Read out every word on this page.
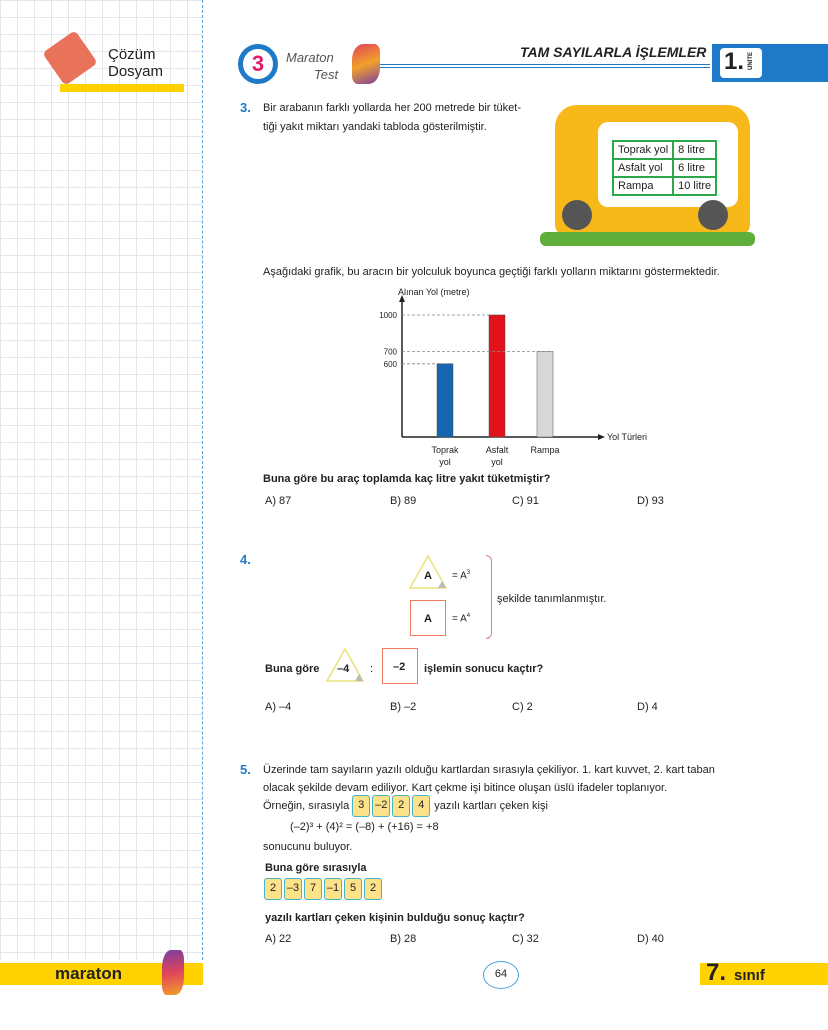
Çözüm Dosyam	3	Maraton
Test
TAM SAYILARLA İŞLEMLER 1. ÜNİTE
3. Bir arabanın farklı yollarda her 200 metrede bir tüket-
tiği yakıt miktarı yandaki tabloda gösterilmiştir.
Toprak yol	8 litre
Asfalt yol	6 litre
Rampa	10 litre
Aşağıdaki grafik, bu aracın bir yolculuk boyunca geçtiği farklı yolların miktarını göstermektedir.
Alınan Yol (metre)
Yol Türleri
Toprak
yol
Asfalt
yol
Rampa
1000
700
600
Buna göre bu araç toplamda kaç litre yakıt tüketmiştir?
A) 87	B) 89	C) 91	D) 93
4.
$A = A^3$
$A = A^4$
şekilde tanımlanmıştır.
Buna göre –4 : –2 işlemin sonucu kaçtır?
A) –4	B) –2	C) 2	D) 4
5. Üzerinde tam sayıların yazılı olduğu kartlardan sırasıyla çekiliyor. 1. kart kuvvet, 2. kart taban
olacak şekilde devam ediliyor. Kart çekme işi bitince oluşan üslü ifadeler toplanıyor.
Örneğin, sırasıyla 3 –2 2	4 yazılı kartları çeken kişi
(–2)³ + (4)² = (–8) + (+16) = +8
sonucunu buluyor.
Buna göre sırasıyla
2 –3 7 –1 5	2
yazılı kartları çeken kişinin bulduğu sonuç kaçtır?
A) 22	B) 28	C) 32	D) 40
maraton	64	7. sınıf
